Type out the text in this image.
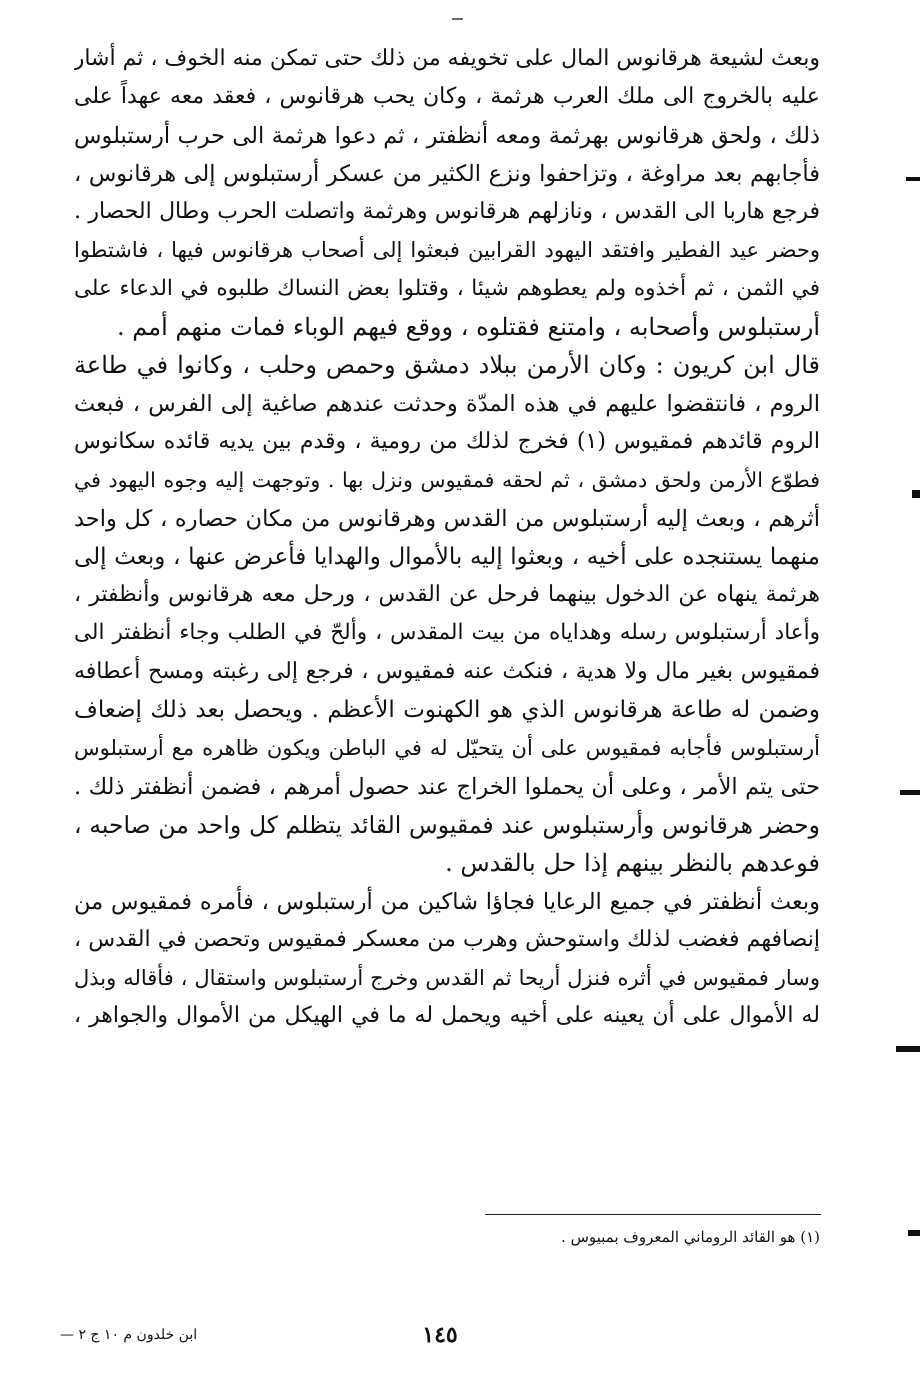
وبعث لشيعة هرقانوس المال على تخويفه من ذلك حتى تمكن منه الخوف ، ثم أشار
عليه بالخروج الى ملك العرب هرثمة ، وكان يحب هرقانوس ، فعقد معه عهداً على
ذلك ، ولحق هرقانوس بهرثمة ومعه أنظفتر ، ثم دعوا هرثمة الى حرب أرستبلوس
فأجابهم بعد مراوغة ، وتزاحفوا ونزع الكثير من عسكر أرستبلوس إلى هرقانوس ،
فرجع هاربا الى القدس ، ونازلهم هرقانوس وهرثمة واتصلت الحرب وطال الحصار .
وحضر عيد الفطير وافتقد اليهود القرابين فبعثوا إلى أصحاب هرقانوس فيها ، فاشتطوا
في الثمن ، ثم أخذوه ولم يعطوهم شيئا ، وقتلوا بعض النساك طلبوه في الدعاء على
أرستبلوس وأصحابه ، وامتنع فقتلوه ، ووقع فيهم الوباء فمات منهم أمم .
قال ابن كريون : وكان الأرمن ببلاد دمشق وحمص وحلب ، وكانوا في طاعة
الروم ، فانتقضوا عليهم في هذه المدّة وحدثت عندهم صاغية إلى الفرس ، فبعث
الروم قائدهم فمقيوس (١) فخرج لذلك من رومية ، وقدم بين يديه قائده سكانوس
فطوّع الأرمن ولحق دمشق ، ثم لحقه فمقيوس ونزل بها . وتوجهت إليه وجوه اليهود في
أثرهم ، وبعث إليه أرستبلوس من القدس وهرقانوس من مكان حصاره ، كل واحد
منهما يستنجده على أخيه ، وبعثوا إليه بالأموال والهدايا فأعرض عنها ، وبعث إلى
هرثمة ينهاه عن الدخول بينهما فرحل عن القدس ، ورحل معه هرقانوس وأنظفتر ،
وأعاد أرستبلوس رسله وهداياه من بيت المقدس ، وألحّ في الطلب وجاء أنظفتر الى
فمقيوس بغير مال ولا هدية ، فنكث عنه فمقيوس ، فرجع إلى رغبته ومسح أعطافه
وضمن له طاعة هرقانوس الذي هو الكهنوت الأعظم . ويحصل بعد ذلك إضعاف
أرستبلوس فأجابه فمقيوس على أن يتحيّل له في الباطن ويكون ظاهره مع أرستبلوس
حتى يتم الأمر ، وعلى أن يحملوا الخراج عند حصول أمرهم ، فضمن أنظفتر ذلك .
وحضر هرقانوس وأرستبلوس عند فمقيوس القائد يتظلم كل واحد من صاحبه ،
فوعدهم بالنظر بينهم إذا حل بالقدس .
وبعث أنظفتر في جميع الرعايا فجاؤا شاكين من أرستبلوس ، فأمره فمقيوس من
إنصافهم فغضب لذلك واستوحش وهرب من معسكر فمقيوس وتحصن في القدس ،
وسار فمقيوس في أثره فنزل أريحا ثم القدس وخرج أرستبلوس واستقال ، فأقاله وبذل
له الأموال على أن يعينه على أخيه ويحمل له ما في الهيكل من الأموال والجواهر ،
(١) هو القائد الروماني المعروف بمبيوس .
١٤٥
ابن خلدون م ١٠ ج ٢ —
